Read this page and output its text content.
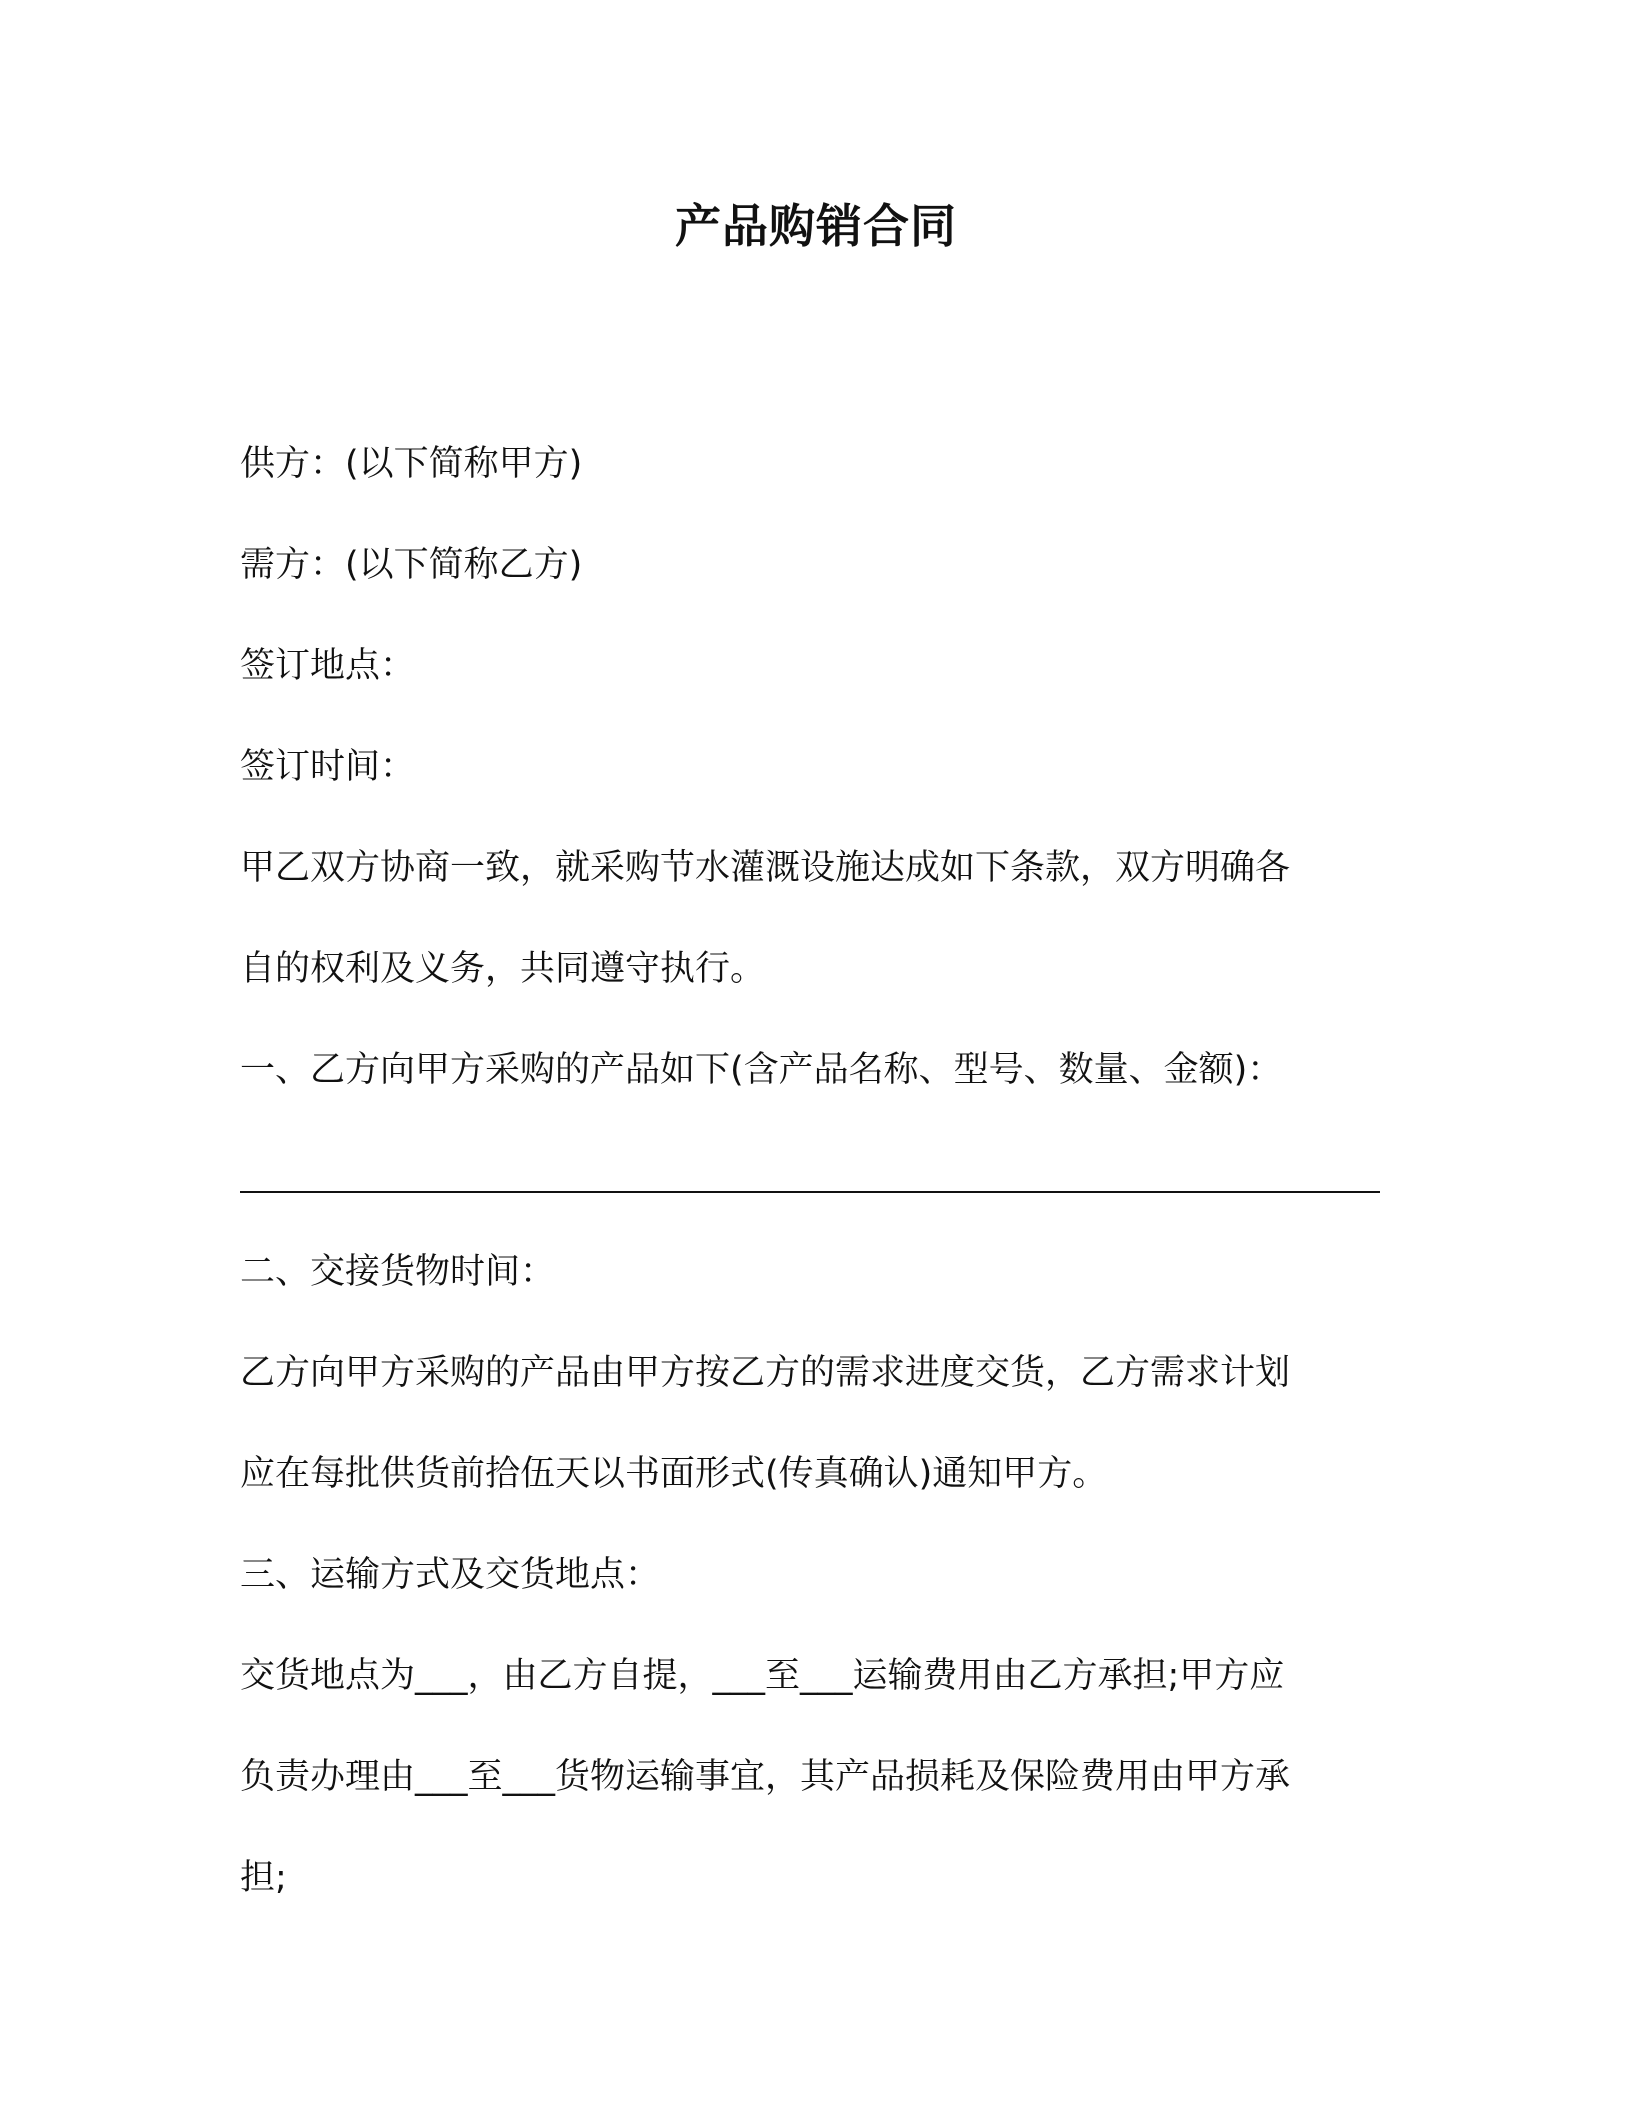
产品购销合同

供方：(以下简称甲方)

需方：(以下简称乙方)

签订地点：

签订时间：

甲乙双方协商一致，就采购节水灌溉设施达成如下条款，双方明确各

自的权利及义务，共同遵守执行。

一、乙方向甲方采购的产品如下(含产品名称、型号、数量、金额)：

二、交接货物时间：

乙方向甲方采购的产品由甲方按乙方的需求进度交货，乙方需求计划

应在每批供货前拾伍天以书面形式(传真确认)通知甲方。

三、运输方式及交货地点：

交货地点为___，由乙方自提，___至___运输费用由乙方承担;甲方应

负责办理由___至___货物运输事宜，其产品损耗及保险费用由甲方承

担;
